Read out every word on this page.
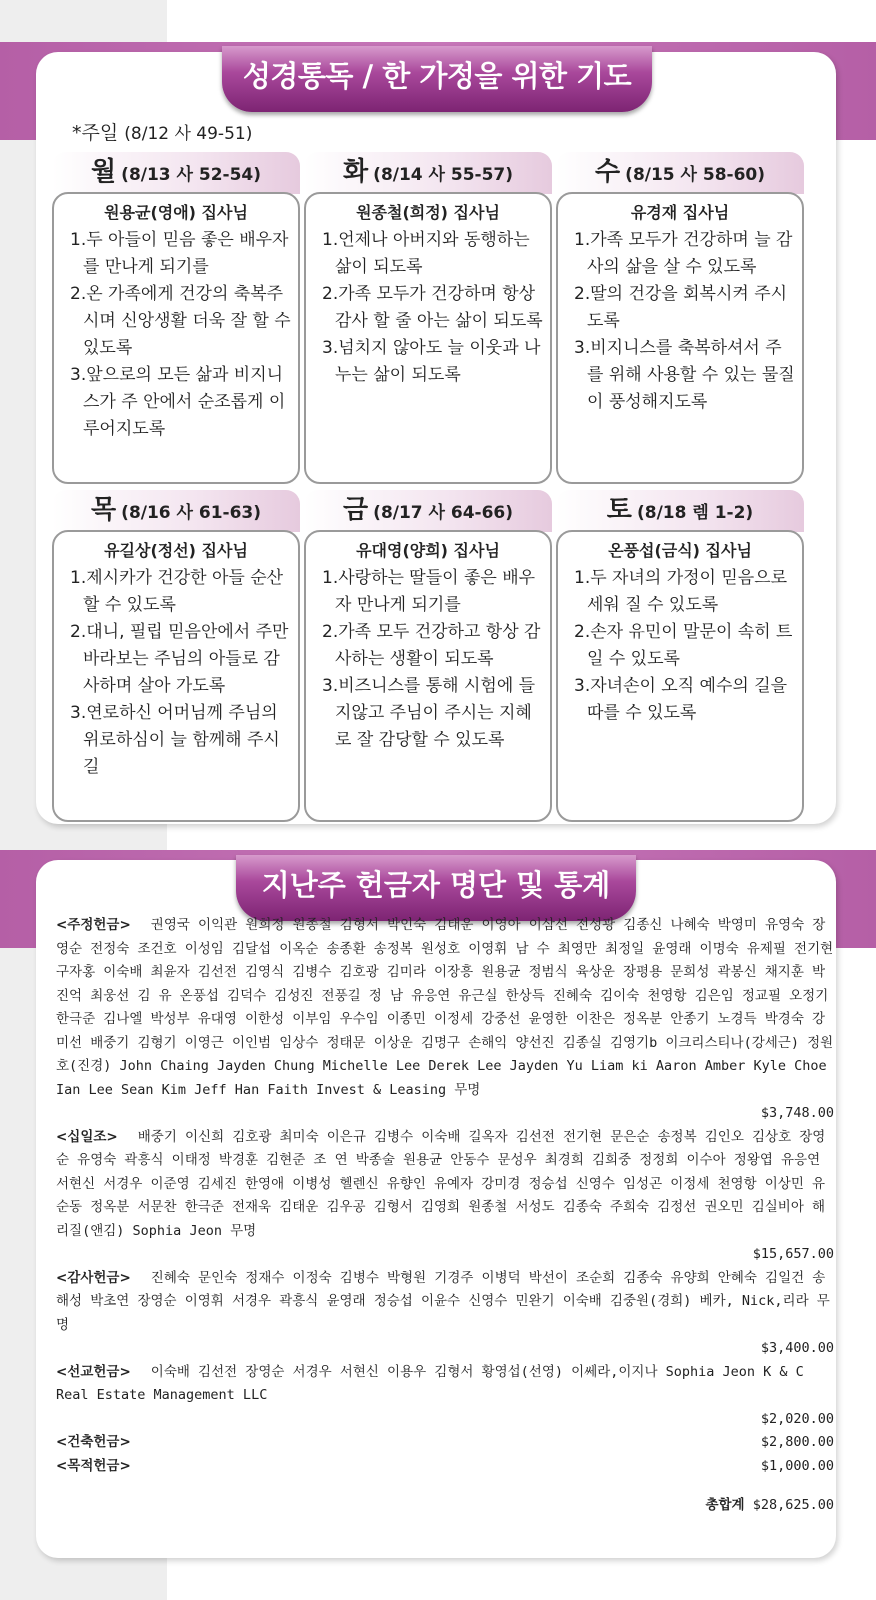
월 (8/13 사 52-54)
원용균(영애) 집사님
1.두 아들이 믿음 좋은 배우자를 만나게 되기를
2.온 가족에게 건강의 축복주시며 신앙생활 더욱 잘 할 수 있도록
3.앞으로의 모든 삶과 비지니스가 주 안에서 순조롭게 이루어지도록
화 (8/14 사 55-57)
원종철(희정) 집사님
1.언제나 아버지와 동행하는 삶이 되도록
2.가족 모두가 건강하며 항상 감사 할 줄 아는 삶이 되도록
3.넘치지 않아도 늘 이웃과 나누는 삶이 되도록
수 (8/15 사 58-60)
유경재 집사님
1.가족 모두가 건강하며 늘 감사의 삶을 살 수 있도록
2.딸의 건강을 회복시켜 주시도록
3.비지니스를 축복하셔서 주를 위해 사용할 수 있는 물질이 풍성해지도록
목 (8/16 사 61-63)
유길상(정선) 집사님
1.제시카가 건강한 아들 순산할 수 있도록
2.대니, 필립 믿음안에서 주만 바라보는 주님의 아들로 감사하며 살아 가도록
3.연로하신 어머님께 주님의 위로하심이 늘 함께해 주시길
금 (8/17 사 64-66)
유대영(양희) 집사님
1.사랑하는 딸들이 좋은 배우자 만나게 되기를
2.가족 모두 건강하고 항상 감사하는 생활이 되도록
3.비즈니스를 통해 시험에 들지않고 주님이 주시는 지혜로 잘 감당할 수 있도록
토 (8/18 렘 1-2)
온풍섭(금식) 집사님
1.두 자녀의 가정이 믿음으로 세워 질 수 있도록
2.손자 유민이 말문이 속히 트일 수 있도록
3.자녀손이 오직 예수의 길을 따를 수 있도록
성경통독 / 한 가정을 위한 기도
*주일 (8/12 사 49-51)
지난주 헌금자 명단 및 통계
<주정헌금> 권영국 이익관 원희정 원종철 김형서 박인숙 김태운 이영아 이삼선 전성광 김종신 나혜숙 박영미 유영숙 장영순 전정숙 조건호 이성임 김달섭 이옥순 송종환 송정복 원성호 이영휘 남 수 최영만 최정일 윤영래 이명숙 유제필 전기현 구자홍 이숙배 최윤자 김선전 김영식 김병수 김호광 김미라 이장흥 원용균 정범식 육상운 장평용 문희성 곽봉신 채지훈 박진억 최웅선 김 유 온풍섭 김덕수 김성진 전풍길 정 남 유응연 유근실 한상득 진혜숙 김이숙 천영항 김은임 정교필 오정기 한극준 김나엘 박성부 유대영 이한성 이부임 우수임 이종민 이정세 강중선 윤영한 이찬은 정옥분 안종기 노경득 박경숙 강미선 배중기 김형기 이영근 이인범 임상수 정태문 이상운 김명구 손해익 양선진 김종실 김영기b 이크리스티나(강세근) 정원호(진경) John Chaing Jayden Chung Michelle Lee Derek Lee Jayden Yu Liam ki Aaron Amber Kyle Choe Ian Lee Sean Kim Jeff Han Faith Invest & Leasing 무명
$3,748.00
<십일조> 배중기 이신희 김호광 최미숙 이은규 김병수 이숙배 길옥자 김선전 전기현 문은순 송정복 김인오 김상호 장영순 유영숙 곽흥식 이태정 박경훈 김현준 조 연 박종술 원용균 안동수 문성우 최경희 김희중 정정희 이수아 정왕엽 유응연 서현신 서경우 이준영 김세진 한영애 이병성 헬렌신 유향인 유예자 강미경 정승섭 신영수 임성곤 이정세 천영항 이상민 유순동 정옥분 서문찬 한극준 전재욱 김태운 김우공 김형서 김영희 원종철 서성도 김종숙 주희숙 김정선 권오민 김실비아 해리질(앤김) Sophia Jeon 무명
$15,657.00
<감사헌금> 진혜숙 문인숙 정재수 이정숙 김병수 박형원 기경주 이병덕 박선이 조순희 김종숙 유양희 안혜숙 김일건 송해성 박초연 장영순 이영휘 서경우 곽흥식 윤영래 정승섭 이윤수 신영수 민완기 이숙배 김중원(경희) 베카, Nick,리라 무명
$3,400.00
<선교헌금> 이숙배 김선전 장영순 서경우 서현신 이용우 김형서 황영섭(선영) 이쎄라,이지나 Sophia Jeon K & C Real Estate Management LLC
$2,020.00
<건축헌금>	$2,800.00
<목적헌금>	$1,000.00
총합계 $28,625.00
